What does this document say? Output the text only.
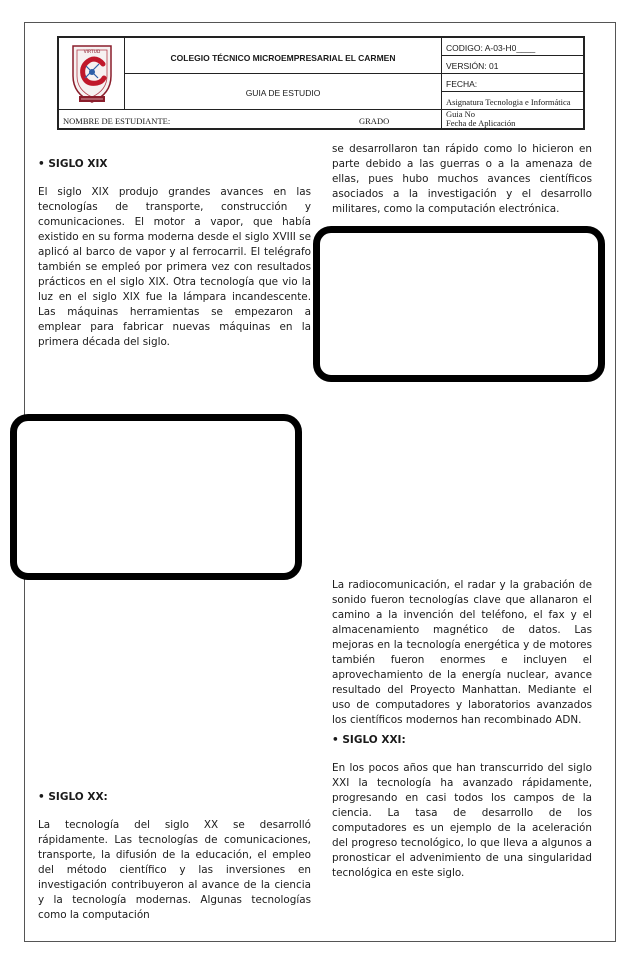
VIRTUD
COLEGIO TÉCNICO MICROEMPRESARIAL EL CARMEN
GUIA DE ESTUDIO
CODIGO: A-03-H0____
VERSIÓN: 01
FECHA:
Asignatura Tecnologia e Informática
Guia No
Fecha de Aplicación
NOMBRE DE ESTUDIANTE:	GRADO
• SIGLO XIX
El siglo XIX produjo grandes avances en las tecnologías de transporte, construcción y comunicaciones. El motor a vapor, que había existido en su forma moderna desde el siglo XVIII se aplicó al barco de vapor y al ferrocarril. El telégrafo también se empleó por primera vez con resultados prácticos en el siglo XIX. Otra tecnología que vio la luz en el siglo XIX fue la lámpara incandescente. Las máquinas herramientas se empezaron a emplear para fabricar nuevas máquinas en la primera década del siglo.
• SIGLO XX:
La tecnología del siglo XX se desarrolló rápidamente. Las tecnologías de comunicaciones, transporte, la difusión de la educación, el empleo del método científico y las inversiones en investigación contribuyeron al avance de la ciencia y la tecnología modernas. Algunas tecnologías como la computación
se desarrollaron tan rápido como lo hicieron en parte debido a las guerras o a la amenaza de ellas, pues hubo muchos avances científicos asociados a la investigación y el desarrollo militares, como la computación electrónica.
La radiocomunicación, el radar y la grabación de sonido fueron tecnologías clave que allanaron el camino a la invención del teléfono, el fax y el almacenamiento magnético de datos. Las mejoras en la tecnología energética y de motores también fueron enormes e incluyen el aprovechamiento de la energía nuclear, avance resultado del Proyecto Manhattan. Mediante el uso de computadores y laboratorios avanzados los científicos modernos han recombinado ADN.
• SIGLO XXI:
En los pocos años que han transcurrido del siglo XXI la tecnología ha avanzado rápidamente, progresando en casi todos los campos de la ciencia. La tasa de desarrollo de los computadores es un ejemplo de la aceleración del progreso tecnológico, lo que lleva a algunos a pronosticar el advenimiento de una singularidad tecnológica en este siglo.
